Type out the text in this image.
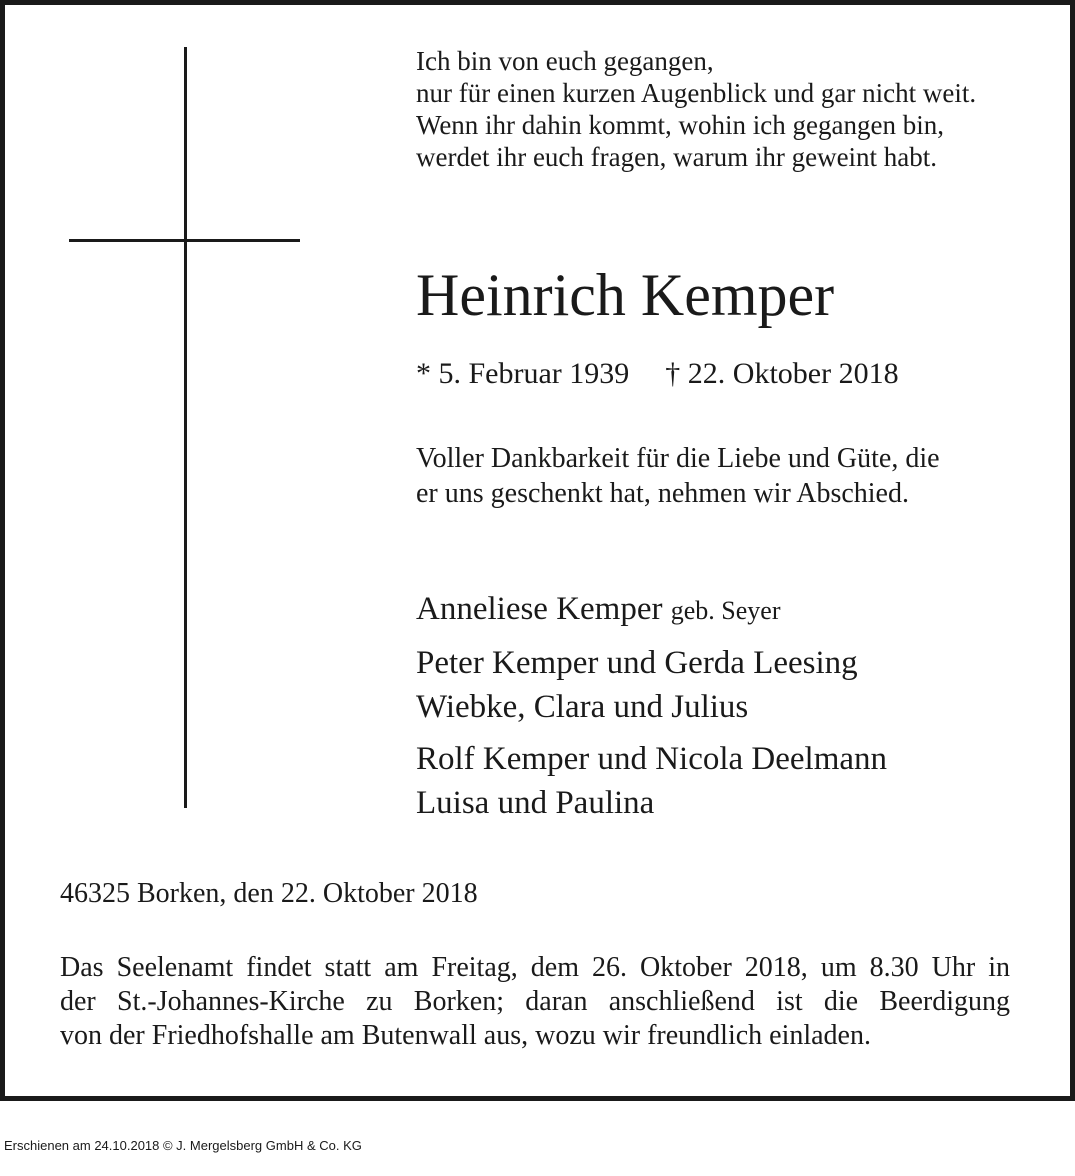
Ich bin von euch gegangen,
nur für einen kurzen Augenblick und gar nicht weit.
Wenn ihr dahin kommt, wohin ich gegangen bin,
werdet ihr euch fragen, warum ihr geweint habt.
Heinrich Kemper
* 5. Februar 1939 † 22. Oktober 2018
Voller Dankbarkeit für die Liebe und Güte, die
er uns geschenkt hat, nehmen wir Abschied.
Anneliese Kemper geb. Seyer
Peter Kemper und Gerda Leesing
Wiebke, Clara und Julius
Rolf Kemper und Nicola Deelmann
Luisa und Paulina
46325 Borken, den 22. Oktober 2018
Das Seelenamt findet statt am Freitag, dem 26. Oktober 2018, um 8.30 Uhr in
der St.-Johannes-Kirche zu Borken; daran anschließend ist die Beerdigung
von der Friedhofshalle am Butenwall aus, wozu wir freundlich einladen.
Erschienen am 24.10.2018 © J. Mergelsberg GmbH & Co. KG
